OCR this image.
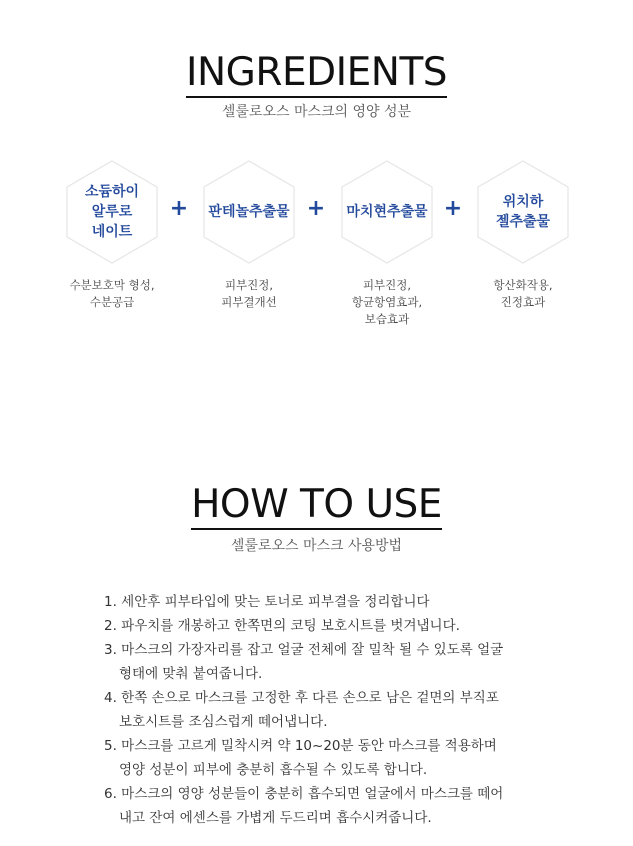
INGREDIENTS

셀룰로오스 마스크의 영양 성분

소듐하이
알루로
네이트
+	판테놀추출물 +	마치현추출물 +	위치하
젤추출물
수분보호막 형성,
수분공급
피부진정,
피부결개선
피부진정,
항균항염효과,
보습효과
항산화작용,
진정효과
HOW TO USE

셀룰로오스 마스크 사용방법

1. 세안후 피부타입에 맞는 토너로 피부결을 정리합니다
2. 파우치를 개봉하고 한쪽면의 코팅 보호시트를 벗겨냅니다.
3. 마스크의 가장자리를 잡고 얼굴 전체에 잘 밀착 될 수 있도록 얼굴
형태에 맞춰 붙여줍니다.
4. 한쪽 손으로 마스크를 고정한 후 다른 손으로 남은 겉면의 부직포
보호시트를 조심스럽게 떼어냅니다.
5. 마스크를 고르게 밀착시켜 약 10~20분 동안 마스크를 적용하며
영양 성분이 피부에 충분히 흡수될 수 있도록 합니다.
6. 마스크의 영양 성분들이 충분히 흡수되면 얼굴에서 마스크를 떼어
내고 잔여 에센스를 가볍게 두드리며 흡수시켜줍니다.
